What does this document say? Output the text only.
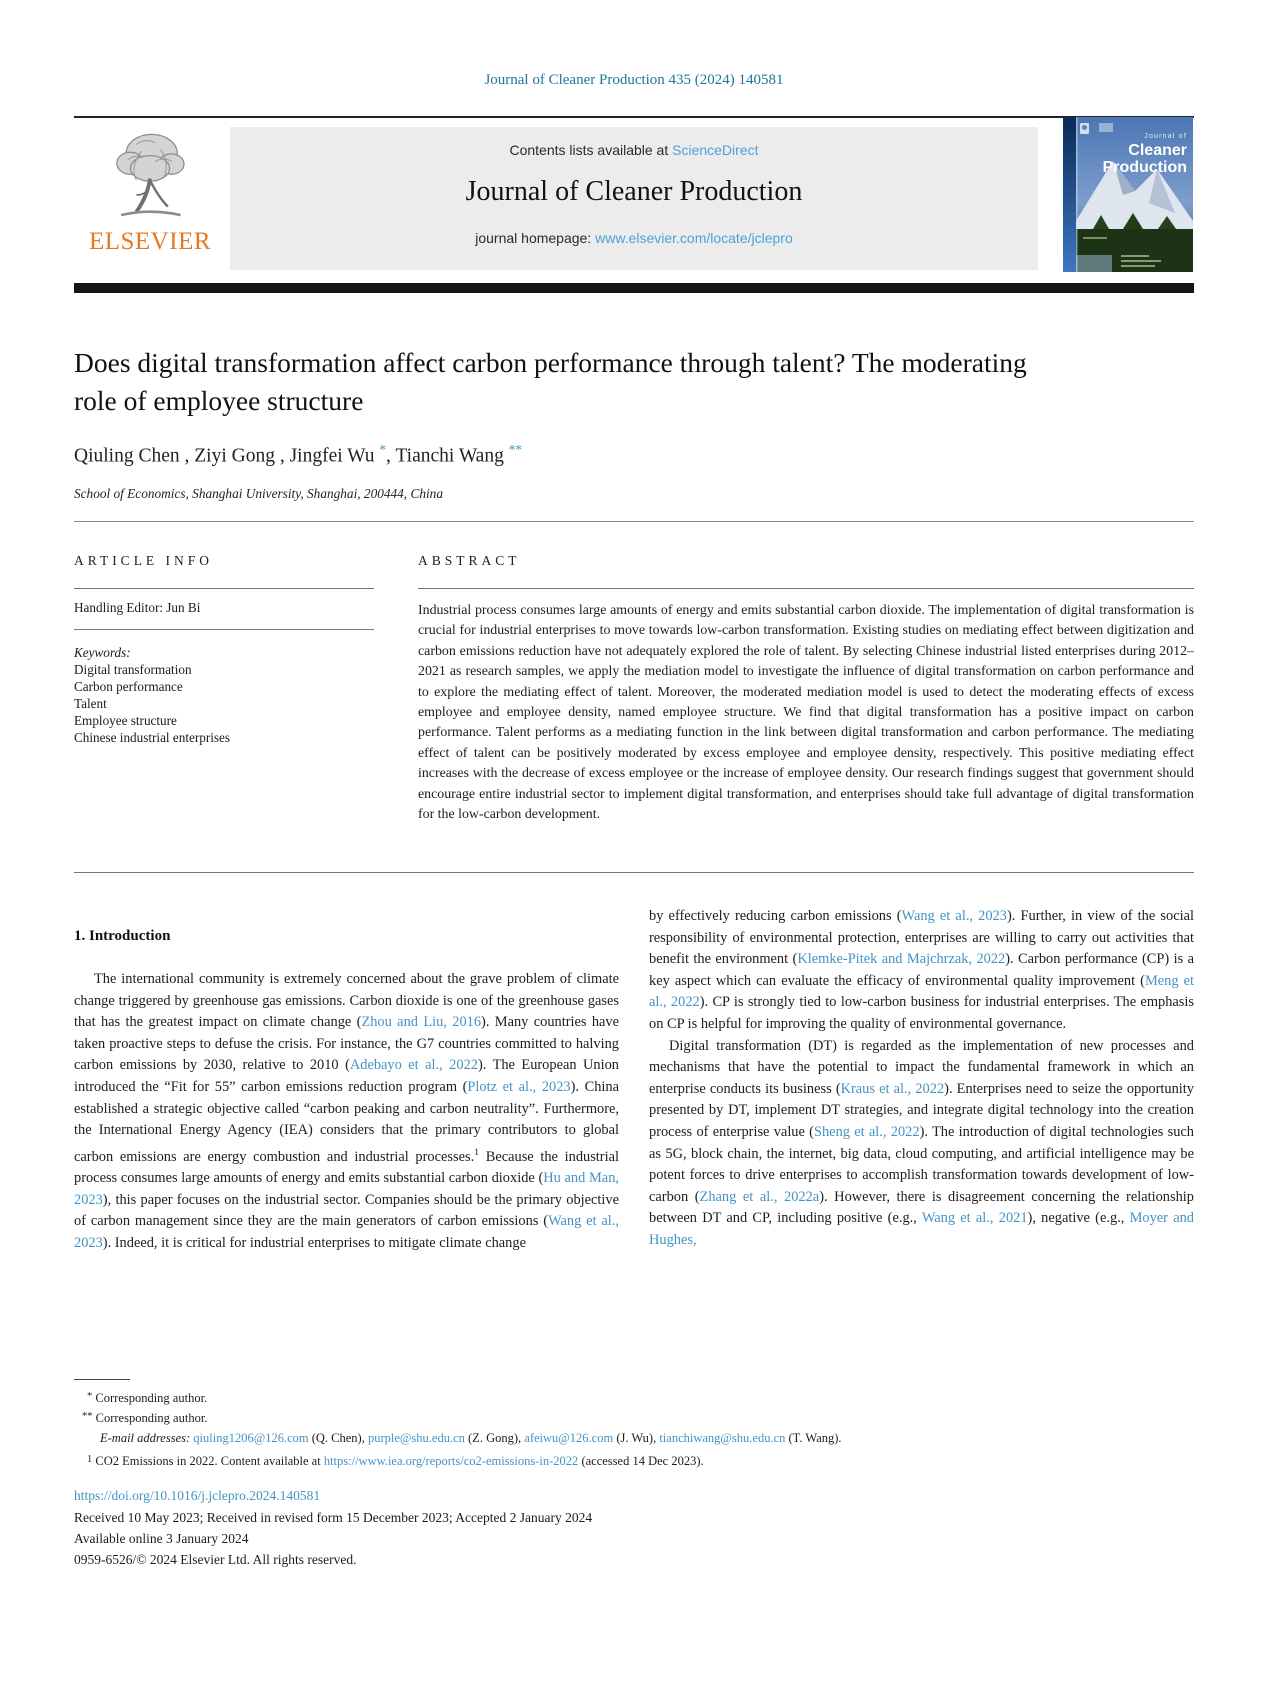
Journal of Cleaner Production 435 (2024) 140581
ELSEVIER
Contents lists available at ScienceDirect
Journal of Cleaner Production
journal homepage: www.elsevier.com/locate/jclepro
Journal of
Cleaner
Production
Does digital transformation affect carbon performance through talent? The moderating role of employee structure
Qiuling Chen , Ziyi Gong , Jingfei Wu *, Tianchi Wang **
School of Economics, Shanghai University, Shanghai, 200444, China
ARTICLE INFO
Handling Editor: Jun Bi
Keywords:
Digital transformation
Carbon performance
Talent
Employee structure
Chinese industrial enterprises
ABSTRACT
Industrial process consumes large amounts of energy and emits substantial carbon dioxide. The implementation of digital transformation is crucial for industrial enterprises to move towards low-carbon transformation. Existing studies on mediating effect between digitization and carbon emissions reduction have not adequately explored the role of talent. By selecting Chinese industrial listed enterprises during 2012–2021 as research samples, we apply the mediation model to investigate the influence of digital transformation on carbon performance and to explore the mediating effect of talent. Moreover, the moderated mediation model is used to detect the moderating effects of excess employee and employee density, named employee structure. We find that digital transformation has a positive impact on carbon performance. Talent performs as a mediating function in the link between digital transformation and carbon performance. The mediating effect of talent can be positively moderated by excess employee and employee density, respectively. This positive mediating effect increases with the decrease of excess employee or the increase of employee density. Our research findings suggest that government should encourage entire industrial sector to implement digital transformation, and enterprises should take full advantage of digital transformation for the low-carbon development.
1. Introduction

The international community is extremely concerned about the grave problem of climate change triggered by greenhouse gas emissions. Carbon dioxide is one of the greenhouse gases that has the greatest impact on climate change (Zhou and Liu, 2016). Many countries have taken proactive steps to defuse the crisis. For instance, the G7 countries committed to halving carbon emissions by 2030, relative to 2010 (Adebayo et al., 2022). The European Union introduced the “Fit for 55” carbon emissions reduction program (Plotz et al., 2023). China established a strategic objective called “carbon peaking and carbon neutrality”. Furthermore, the International Energy Agency (IEA) considers that the primary contributors to global carbon emissions are energy combustion and industrial processes.$^1$ Because the industrial process consumes large amounts of energy and emits substantial carbon dioxide (Hu and Man, 2023), this paper focuses on the industrial sector. Companies should be the primary objective of carbon management since they are the main generators of carbon emissions (Wang et al., 2023). Indeed, it is critical for industrial enterprises to mitigate climate change

by effectively reducing carbon emissions (Wang et al., 2023). Further, in view of the social responsibility of environmental protection, enterprises are willing to carry out activities that benefit the environment (Klemke-Pitek and Majchrzak, 2022). Carbon performance (CP) is a key aspect which can evaluate the efficacy of environmental quality improvement (Meng et al., 2022). CP is strongly tied to low-carbon business for industrial enterprises. The emphasis on CP is helpful for improving the quality of environmental governance.

Digital transformation (DT) is regarded as the implementation of new processes and mechanisms that have the potential to impact the fundamental framework in which an enterprise conducts its business (Kraus et al., 2022). Enterprises need to seize the opportunity presented by DT, implement DT strategies, and integrate digital technology into the creation process of enterprise value (Sheng et al., 2022). The introduction of digital technologies such as 5G, block chain, the internet, big data, cloud computing, and artificial intelligence may be potent forces to drive enterprises to accomplish transformation towards development of low-carbon (Zhang et al., 2022a). However, there is disagreement concerning the relationship between DT and CP, including positive (e.g., Wang et al., 2021), negative (e.g., Moyer and Hughes,

* Corresponding author.
** Corresponding author.
E-mail addresses: qiuling1206@126.com (Q. Chen), purple@shu.edu.cn (Z. Gong), afeiwu@126.com (J. Wu), tianchiwang@shu.edu.cn (T. Wang).
$^1$ CO2 Emissions in 2022. Content available at https://www.iea.org/reports/co2-emissions-in-2022 (accessed 14 Dec 2023).
https://doi.org/10.1016/j.jclepro.2024.140581
Received 10 May 2023; Received in revised form 15 December 2023; Accepted 2 January 2024
Available online 3 January 2024
0959-6526/© 2024 Elsevier Ltd. All rights reserved.
